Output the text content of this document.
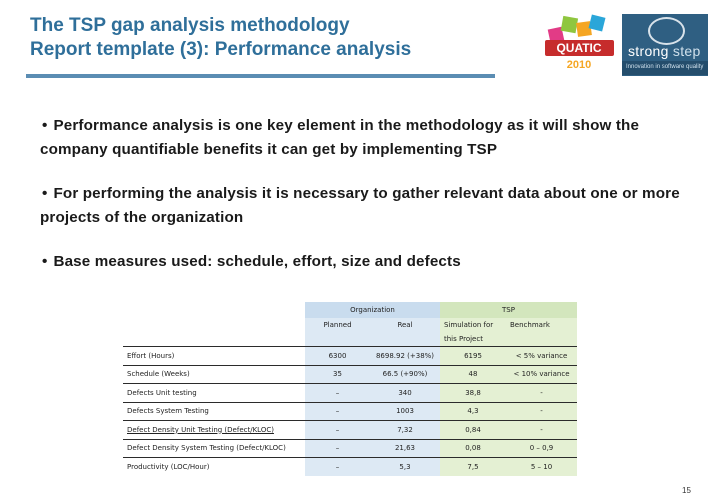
The TSP gap analysis methodology
Report template (3): Performance analysis	QUATIC
2010
strong step
Innovation in software quality
• Performance analysis is one key element in the methodology as it will show the company quantifiable benefits it can get by implementing TSP
• For performing the analysis it is necessary to gather relevant data about one or more projects of the organization
• Base measures used: schedule, effort, size and defects
	Organization		TSP	
	Planned	Real	Simulation for	Benchmark
			this Project	
Effort (Hours)	6300	8698.92 (+38%)	6195	< 5% variance
Schedule (Weeks)	35	66.5 (+90%)	48	< 10% variance
Defects Unit testing	–	340	38,8	-
Defects System Testing	–	1003	4,3	-
Defect Density Unit Testing (Defect/KLOC)	–	7,32	0,84	-
Defect Density System Testing (Defect/KLOC)	–	21,63	0,08	0 – 0,9
Productivity (LOC/Hour)	–	5,3	7,5	5 – 10
15
